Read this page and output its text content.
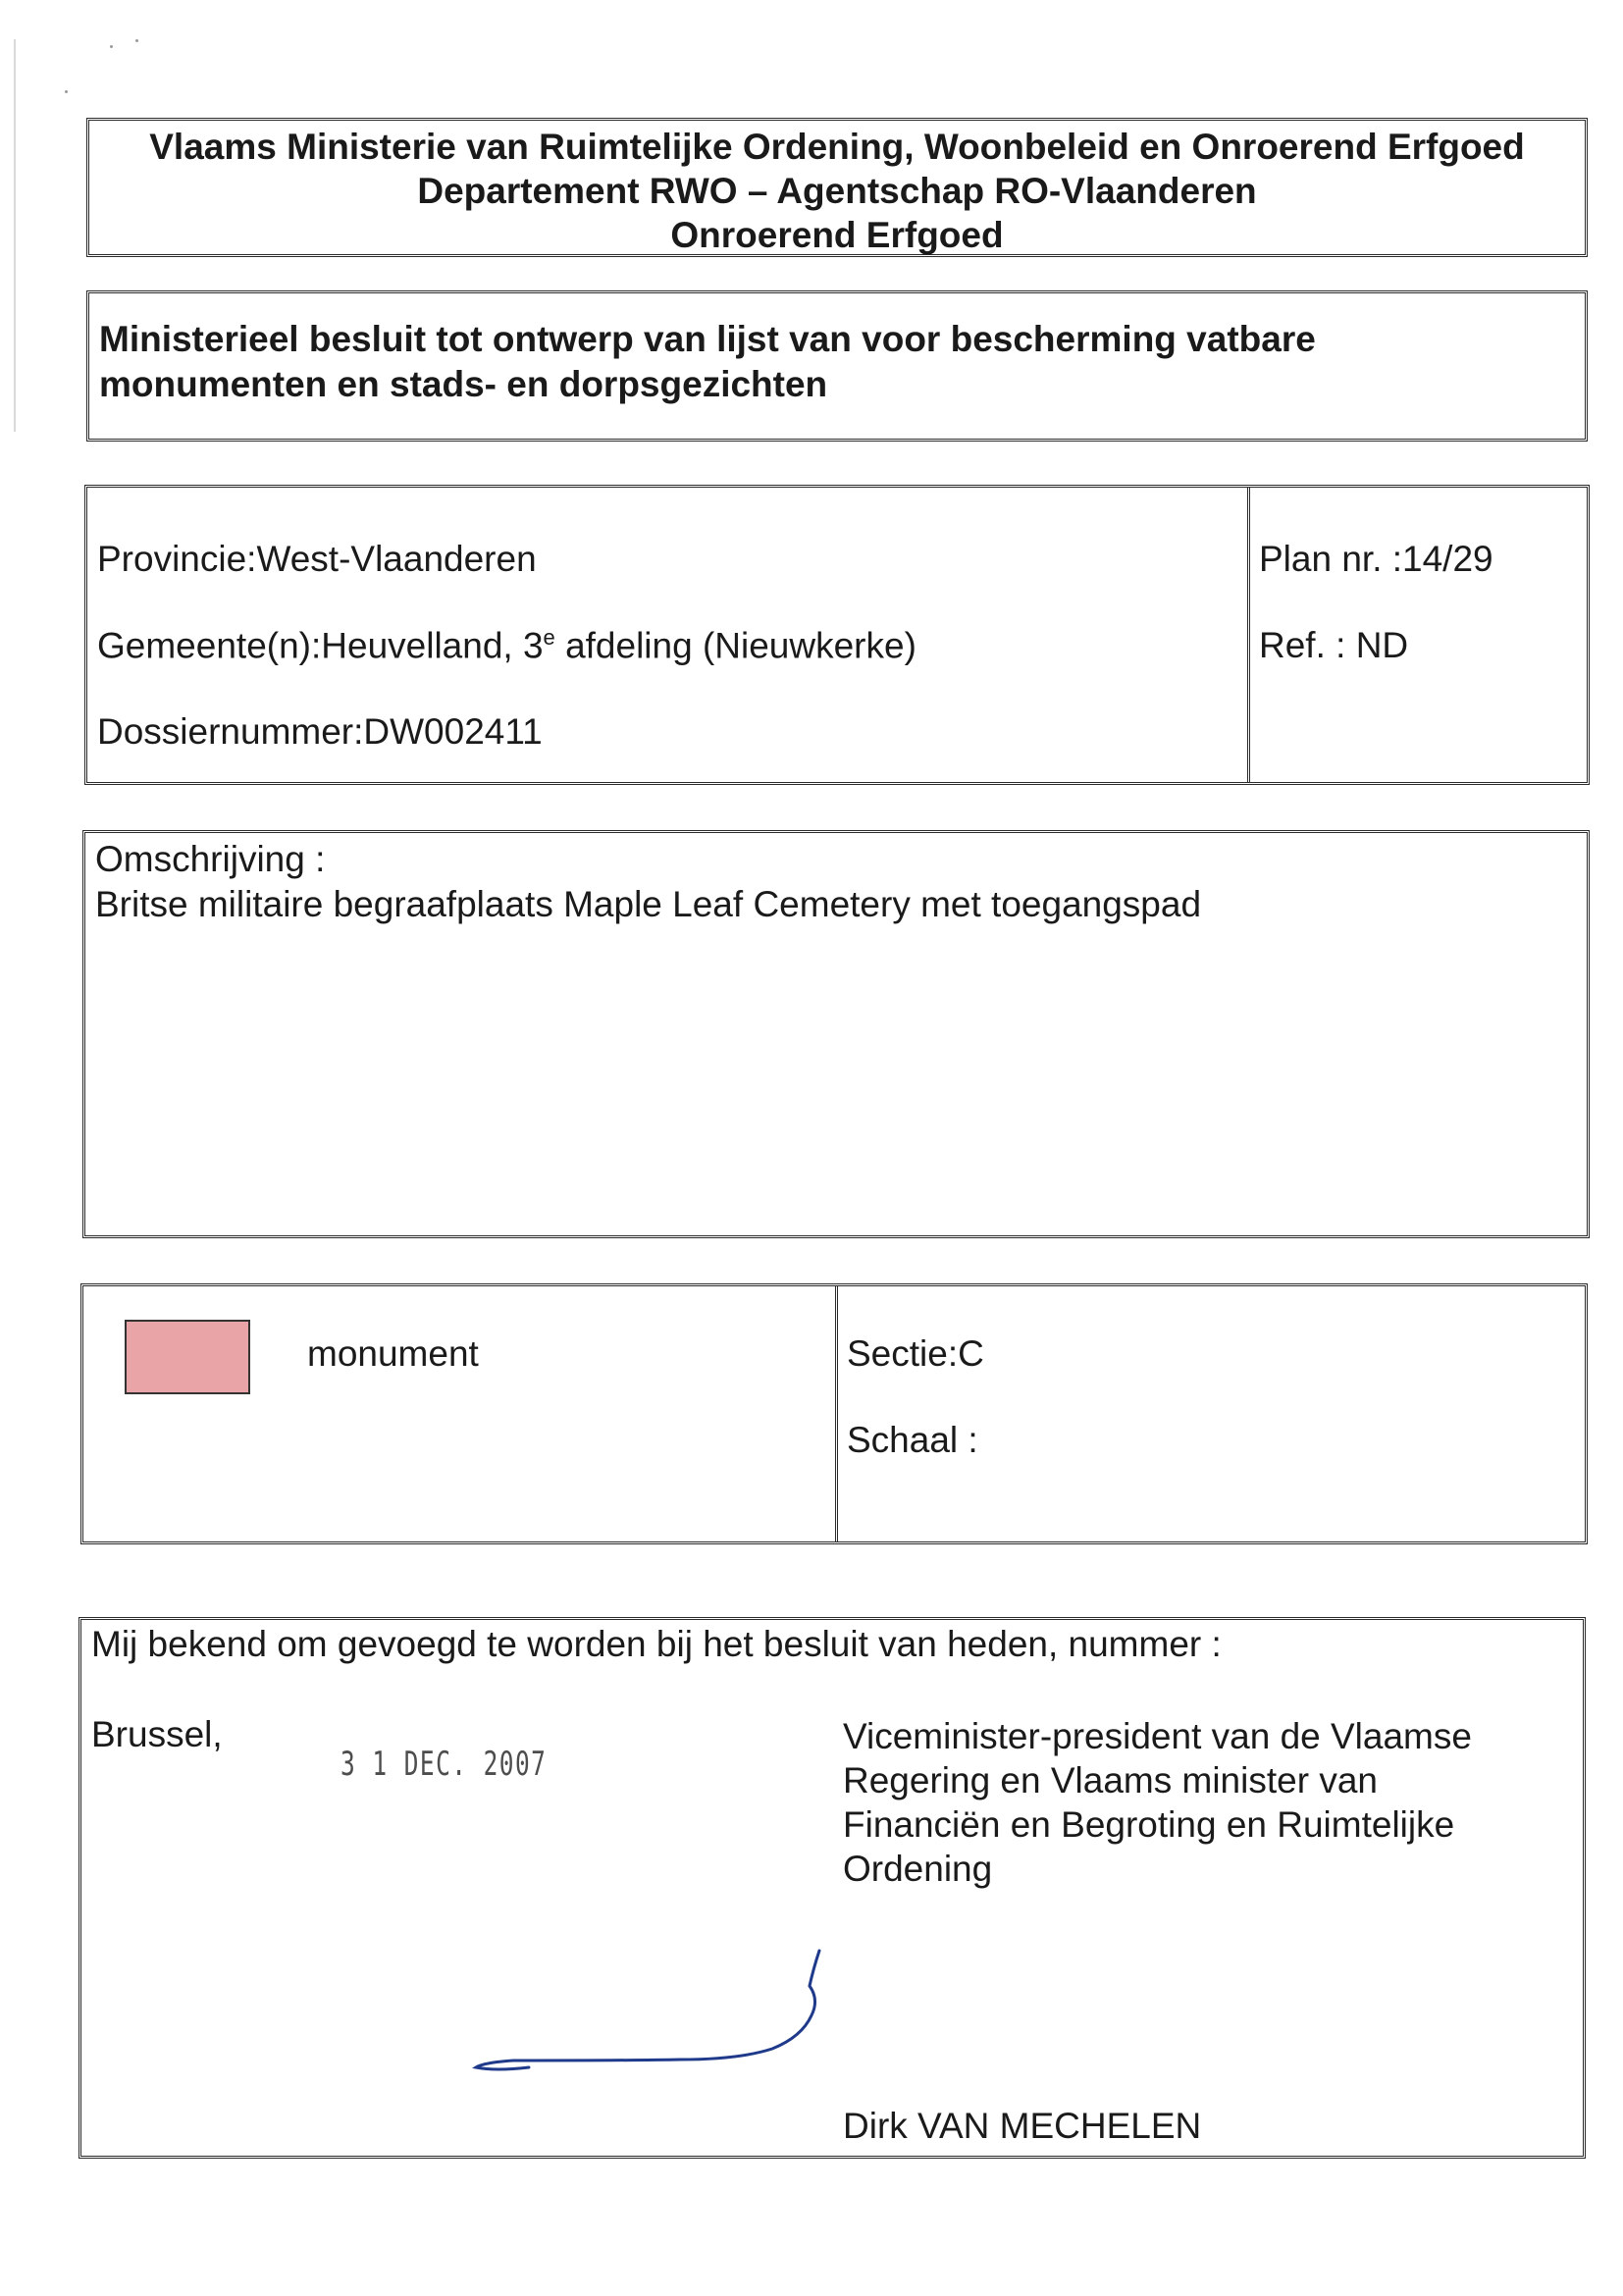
Vlaams Ministerie van Ruimtelijke Ordening, Woonbeleid en Onroerend Erfgoed
Departement RWO – Agentschap RO-Vlaanderen
Onroerend Erfgoed
Ministerieel besluit tot ontwerp van lijst van voor bescherming vatbare
monumenten en stads- en dorpsgezichten
Provincie:West-Vlaanderen
Gemeente(n):Heuvelland, 3e afdeling (Nieuwkerke)
Dossiernummer:DW002411
Plan nr. :14/29
Ref. : ND
Omschrijving :
Britse militaire begraafplaats Maple Leaf Cemetery met toegangspad
monument	Sectie:C
Schaal :
Mij bekend om gevoegd te worden bij het besluit van heden, nummer :
Brussel,
3 1 DEC. 2007
Viceminister-president van de Vlaamse
Regering en Vlaams minister van
Financiën en Begroting en Ruimtelijke
Ordening
Dirk VAN MECHELEN
